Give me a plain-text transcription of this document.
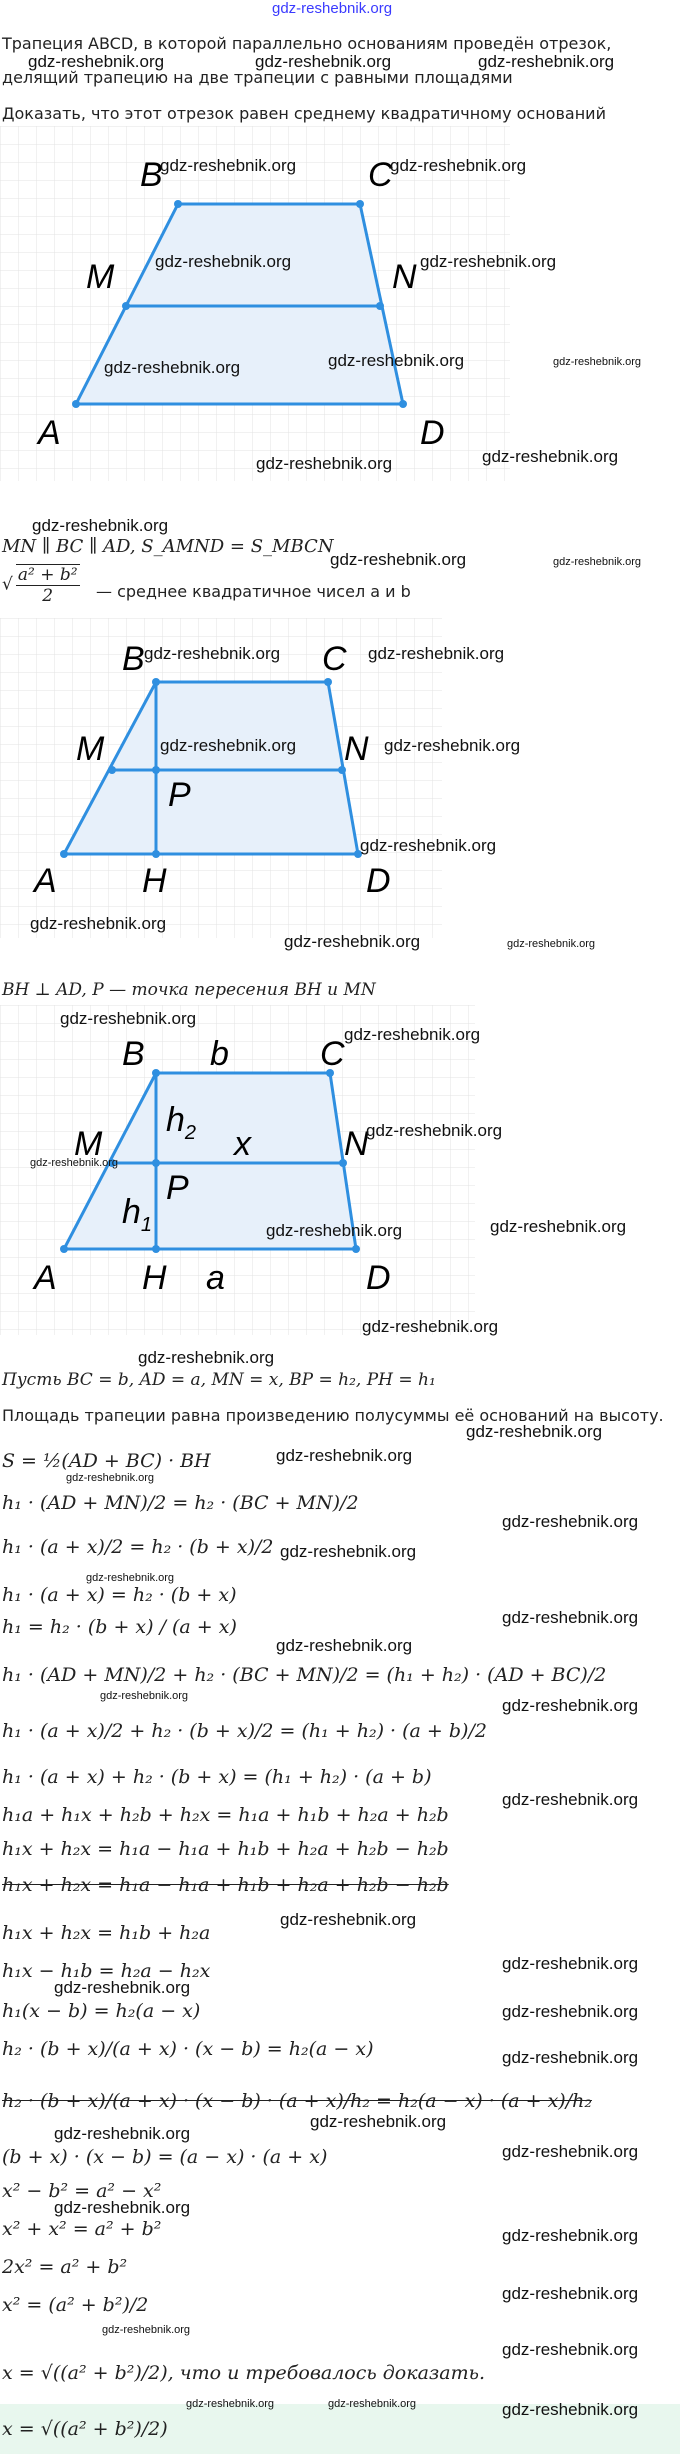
gdz-reshebnik.org
Трапеция ABCD, в которой параллельно основаниям проведён отрезок,
делящий трапецию на две трапеции с равными площадями
Доказать, что этот отрезок равен среднему квадратичному оснований
gdz-reshebnik.org	gdz-reshebnik.org	gdz-reshebnik.org
B	C
M	N
A	D
gdz-reshebnik.org	gdz-reshebnik.org
gdz-reshebnik.org	gdz-reshebnik.org
gdz-reshebnik.org	gdz-reshebnik.org
gdz-reshebnik.org
gdz-reshebnik.org
gdz-reshebnik.org
gdz-reshebnik.org
MN ∥ BC ∥ AD, S_AMND = S_MBCN
gdz-reshebnik.org	gdz-reshebnik.org
√ $\frac{\text{a² + b²}}{2}$ — среднее квадратичное чисел a и b
B	C
M	N
P
A	H	D
gdz-reshebnik.org	gdz-reshebnik.org
gdz-reshebnik.org	gdz-reshebnik.org
gdz-reshebnik.org
gdz-reshebnik.org
gdz-reshebnik.org	gdz-reshebnik.org
BH ⊥ AD, P — точка пересения BH и MN
B b	C
$h_2$ x
M	N
P
$h_1$
A	H a	D
gdz-reshebnik.org
gdz-reshebnik.org
gdz-reshebnik.org
gdz-reshebnik.org
gdz-reshebnik.org
gdz-reshebnik.org
gdz-reshebnik.org
gdz-reshebnik.org
Пусть BC = b, AD = a, MN = x, BP = h₂, PH = h₁
Площадь трапеции равна произведению полусуммы её оснований на высоту.
gdz-reshebnik.org
S = ½(AD + BC) · BH	gdz-reshebnik.org
gdz-reshebnik.org
h₁ · (AD + MN)/2 = h₂ · (BC + MN)/2
gdz-reshebnik.org
h₁ · (a + x)/2 = h₂ · (b + x)/2 gdz-reshebnik.org
gdz-reshebnik.org
h₁ · (a + x) = h₂ · (b + x)
gdz-reshebnik.org
h₁ = h₂ · (b + x) / (a + x)
gdz-reshebnik.org
h₁ · (AD + MN)/2 + h₂ · (BC + MN)/2 = (h₁ + h₂) · (AD + BC)/2
gdz-reshebnik.org	gdz-reshebnik.org
h₁ · (a + x)/2 + h₂ · (b + x)/2 = (h₁ + h₂) · (a + b)/2
h₁ · (a + x) + h₂ · (b + x) = (h₁ + h₂) · (a + b)
h₁a + h₁x + h₂b + h₂x = h₁a + h₁b + h₂a + h₂b
gdz-reshebnik.org
h₁x + h₂x = h₁a − h₁a + h₁b + h₂a + h₂b − h₂b
h₁x + h₂x = h₁a − h₁a + h₁b + h₂a + h₂b − h₂b
gdz-reshebnik.org
h₁x + h₂x = h₁b + h₂a
h₁x − h₁b = h₂a − h₂x	gdz-reshebnik.org
gdz-reshebnik.org
h₁(x − b) = h₂(a − x)	gdz-reshebnik.org
h₂ · (b + x)/(a + x) · (x − b) = h₂(a − x)	gdz-reshebnik.org
h₂ · (b + x)/(a + x) · (x − b) · (a + x)/h₂ = h₂(a − x) · (a + x)/h₂
gdz-reshebnik.org
gdz-reshebnik.org
(b + x) · (x − b) = (a − x) · (a + x)	gdz-reshebnik.org
x² − b² = a² − x²
gdz-reshebnik.org
x² + x² = a² + b²	gdz-reshebnik.org
2x² = a² + b²
x² = (a² + b²)/2
gdz-reshebnik.org
gdz-reshebnik.org
gdz-reshebnik.org
x = √((a² + b²)/2), что и требовалось доказать.
x = √((a² + b²)/2)
gdz-reshebnik.org	gdz-reshebnik.org	gdz-reshebnik.org
